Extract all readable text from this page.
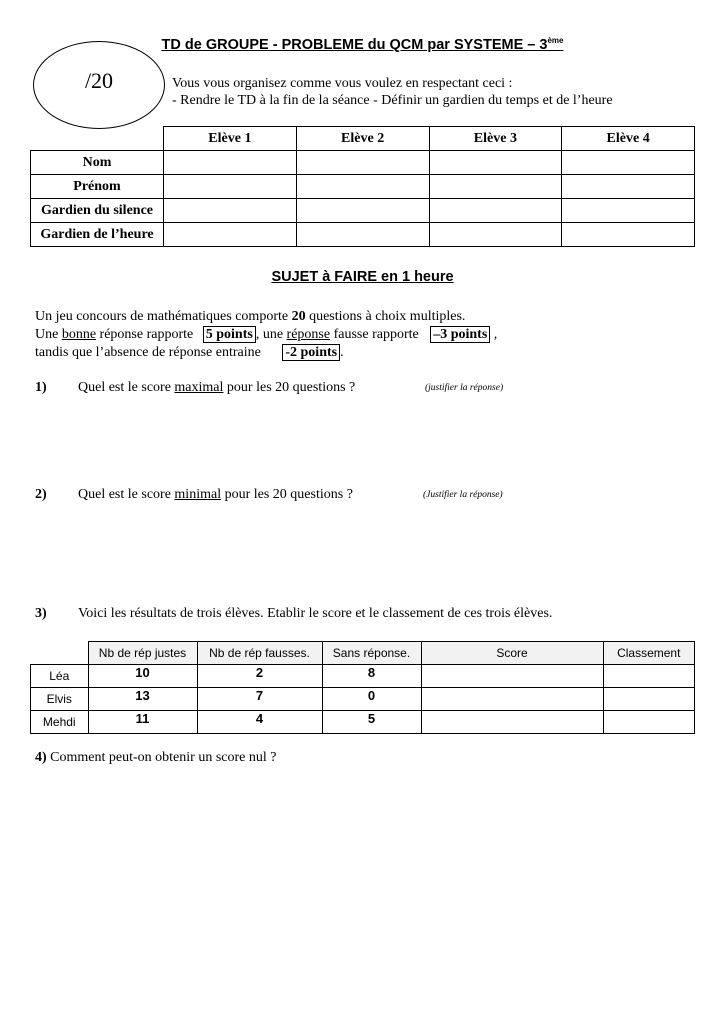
TD de GROUPE - PROBLEME du QCM par SYSTEME – 3ème
/20	Vous vous organisez comme vous voulez en respectant ceci :
- Rendre le TD à la fin de la séance - Définir un gardien du temps et de l’heure
	Elève 1	Elève 2	Elève 3	Elève 4
Nom				
Prénom				
Gardien du silence				
Gardien de l’heure				
SUJET à FAIRE en 1 heure
Un jeu concours de mathématiques comporte 20 questions à choix multiples.
Une bonne réponse rapporte 5 points , une réponse fausse rapporte –3 points ,
tandis que l’absence de réponse entraine -2 points .
1) Quel est le score maximal pour les 20 questions ?	(justifier la réponse)
2) Quel est le score minimal pour les 20 questions ?	(Justifier la réponse)
3) Voici les résultats de trois élèves. Etablir le score et le classement de ces trois élèves.
	Nb de rép justes	Nb de rép fausses.	Sans réponse.	Score	Classement
Léa	10	2	8		
Elvis	13	7	0		
Mehdi	11	4	5		
4) Comment peut-on obtenir un score nul ?
